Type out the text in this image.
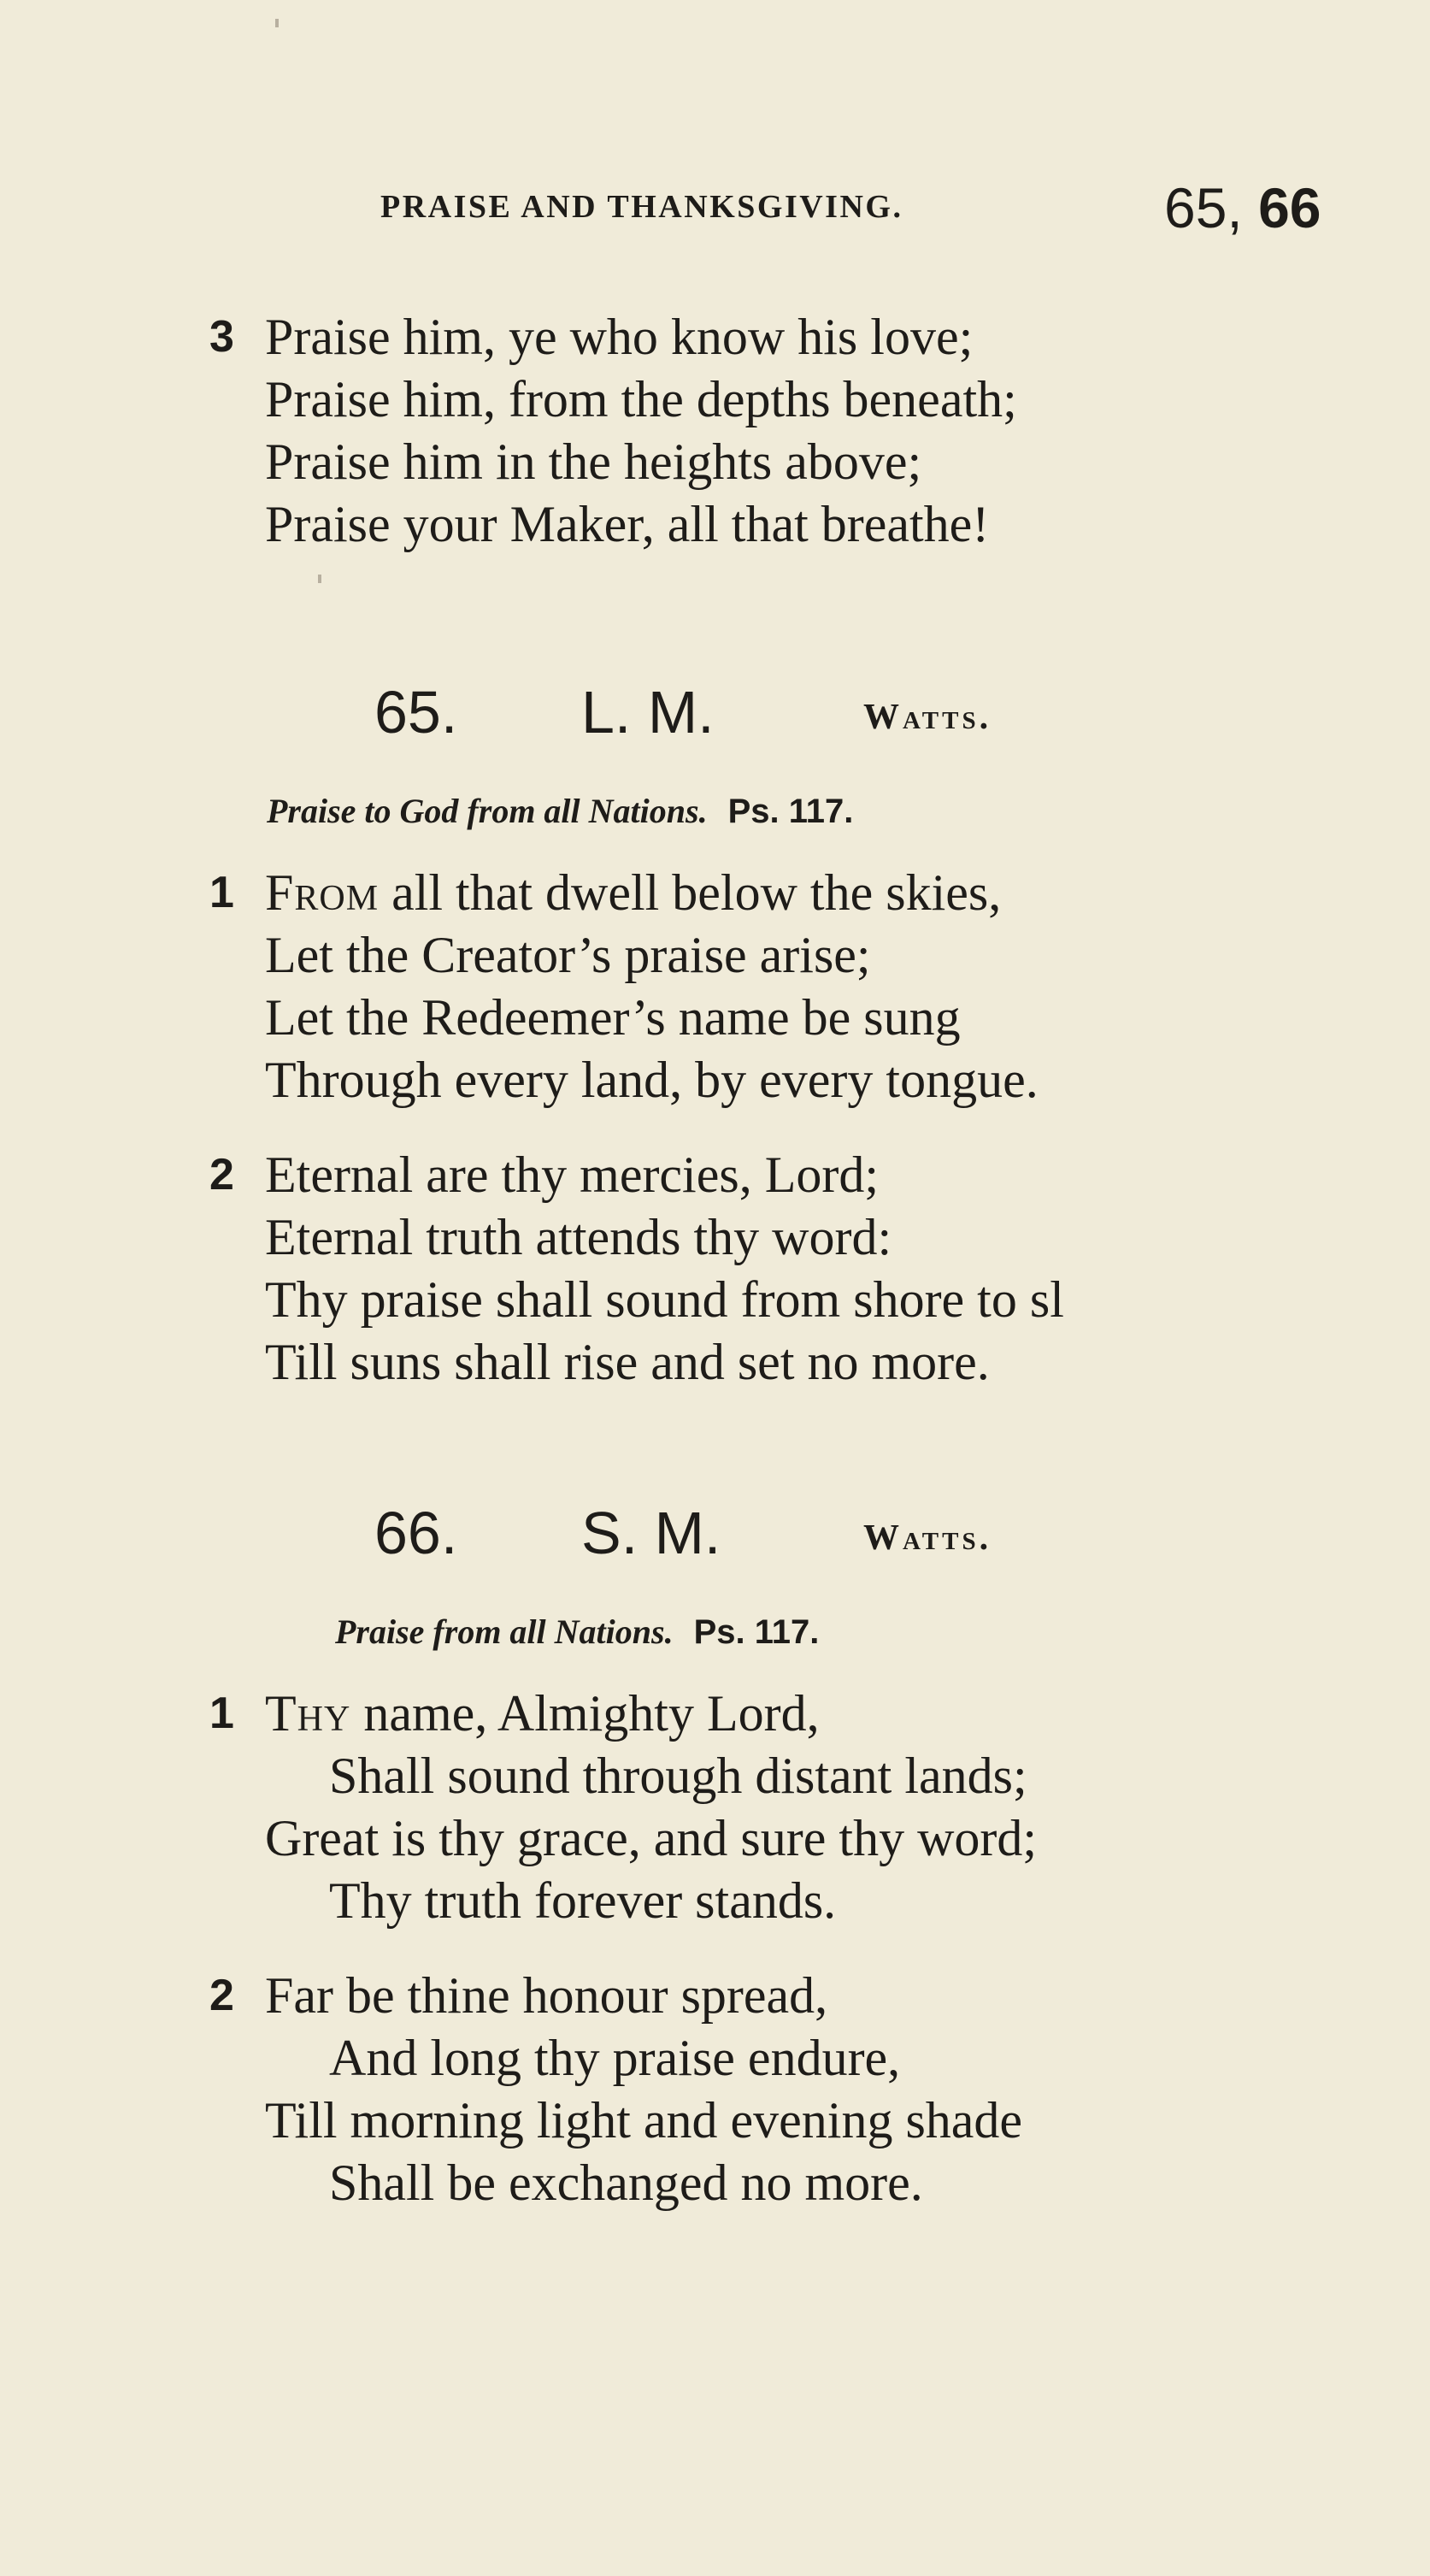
PRAISE AND THANKSGIVING.	65, 66
3 Praise him, ye who know his love;
Praise him, from the depths beneath;
Praise him in the heights above;
Praise your Maker, all that breathe!
65. L. M.	Watts.
Praise to God from all Nations. Ps. 117.
1 From all that dwell below the skies,
Let the Creator’s praise arise;
Let the Redeemer’s name be sung
Through every land, by every tongue.
2 Eternal are thy mercies, Lord;
Eternal truth attends thy word:
Thy praise shall sound from shore to sl
Till suns shall rise and set no more.
66. S. M.	Watts.
Praise from all Nations. Ps. 117.
1 Thy name, Almighty Lord,
Shall sound through distant lands;
Great is thy grace, and sure thy word;
Thy truth forever stands.
2 Far be thine honour spread,
And long thy praise endure,
Till morning light and evening shade
Shall be exchanged no more.
